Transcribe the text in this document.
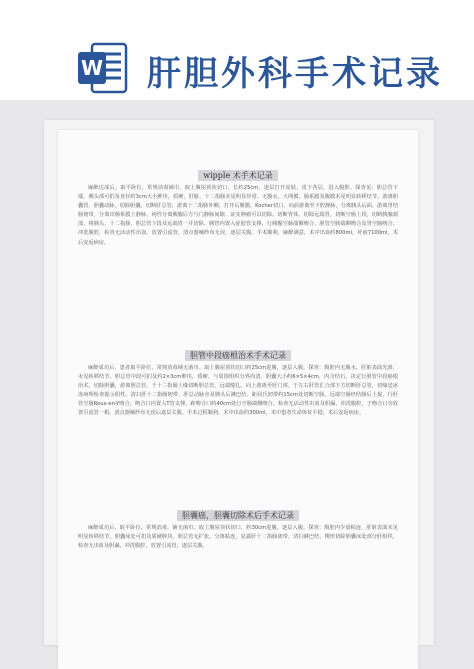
W 肝胆外科手术记录
wipple 术手术记录
麻醉达成后。取平卧位，常规消毒铺巾。取上腹屋顶状切口，长约25cm。逐层打开皮肤、皮下各层，进入腹腔。探查见：胆总管下端、胰头部可扪及直径约3cm大小肿块，质硬，肝脏、十二指肠未见明显异常。无腹水，大网膜、肠系膜及腹膜未见明显转移结节。游离胆囊管，胆囊动脉，切除胆囊。切断肝总管，游离十二指肠外侧，打开后腹膜，Kocher切口，向前游离至下腔静脉，分离胰头后面。游离胃结肠韧带，分离出肠系膜上静脉，钝性分离胰腺后方与门静脉间隙，证实肿瘤可以切除。切断胃体，切除远端胃，切断空肠上段，切断胰腺颈部，将胰头、十二指肠、胆总管下段及远端胃一并切除。胰管内置入硅胶管支撑，行胰腺空肠端侧吻合、胆管空肠端侧吻合及胃空肠吻合。冲洗腹腔，检查无活动性出血，放置引流管，清点器械纱布无误，逐层关腹。手术顺利，麻醉满意，术中出血约800ml，补液7100ml，术后安返病房。
胆管中段癌根治术手术记录
麻醉成功后，患者取平卧位，常规消毒铺无菌巾。取上腹屋顶状切口约25cm进腹，逐层入腹。探查：腹腔内无腹水，肝脏表面光滑，未见转移结节，胆总管中段可扪及约2×3cm肿块，质硬，与周围组织分界尚清。胆囊大小约6×5×4cm，内含结石。决定行胆管中段癌根治术。切除胆囊，游离胆总管，于十二指肠上缘切断胆总管，远端缝扎。向上游离至肝门部，于左右肝管汇合部下方切断肝总管，切缘送冰冻病理检查提示阴性。清扫肝十二指肠韧带、肝总动脉旁及胰头后淋巴结。距屈氏韧带约15cm处切断空肠，远端空肠经结肠后上提，行肝管空肠Roux-en-Y吻合，吻合口内置入T管支撑。距吻合口约40cm处行空肠端侧吻合。检查无活动性出血及胆漏，冲洗腹腔，于吻合口旁放置引流管一根，清点器械纱布无误后逐层关腹。手术过程顺利，术中出血约300ml，术中患者生命体征平稳，术后安返病房。
胆囊癌，胆囊切除术后手术记录
麻醉成功后，取平卧位，常规消毒，铺无菌巾。取上腹屋顶状切口，约30cm进腹，逐层入腹。探查：腹腔内少量粘连，肝脏表面未见明显转移结节，胆囊床处可扪及质硬肿块，胆总管无扩张。分离粘连，显露肝十二指肠韧带，清扫淋巴结，楔形切除胆囊床处部分肝组织，检查无出血及胆漏，冲洗腹腔，放置引流管，逐层关腹。
